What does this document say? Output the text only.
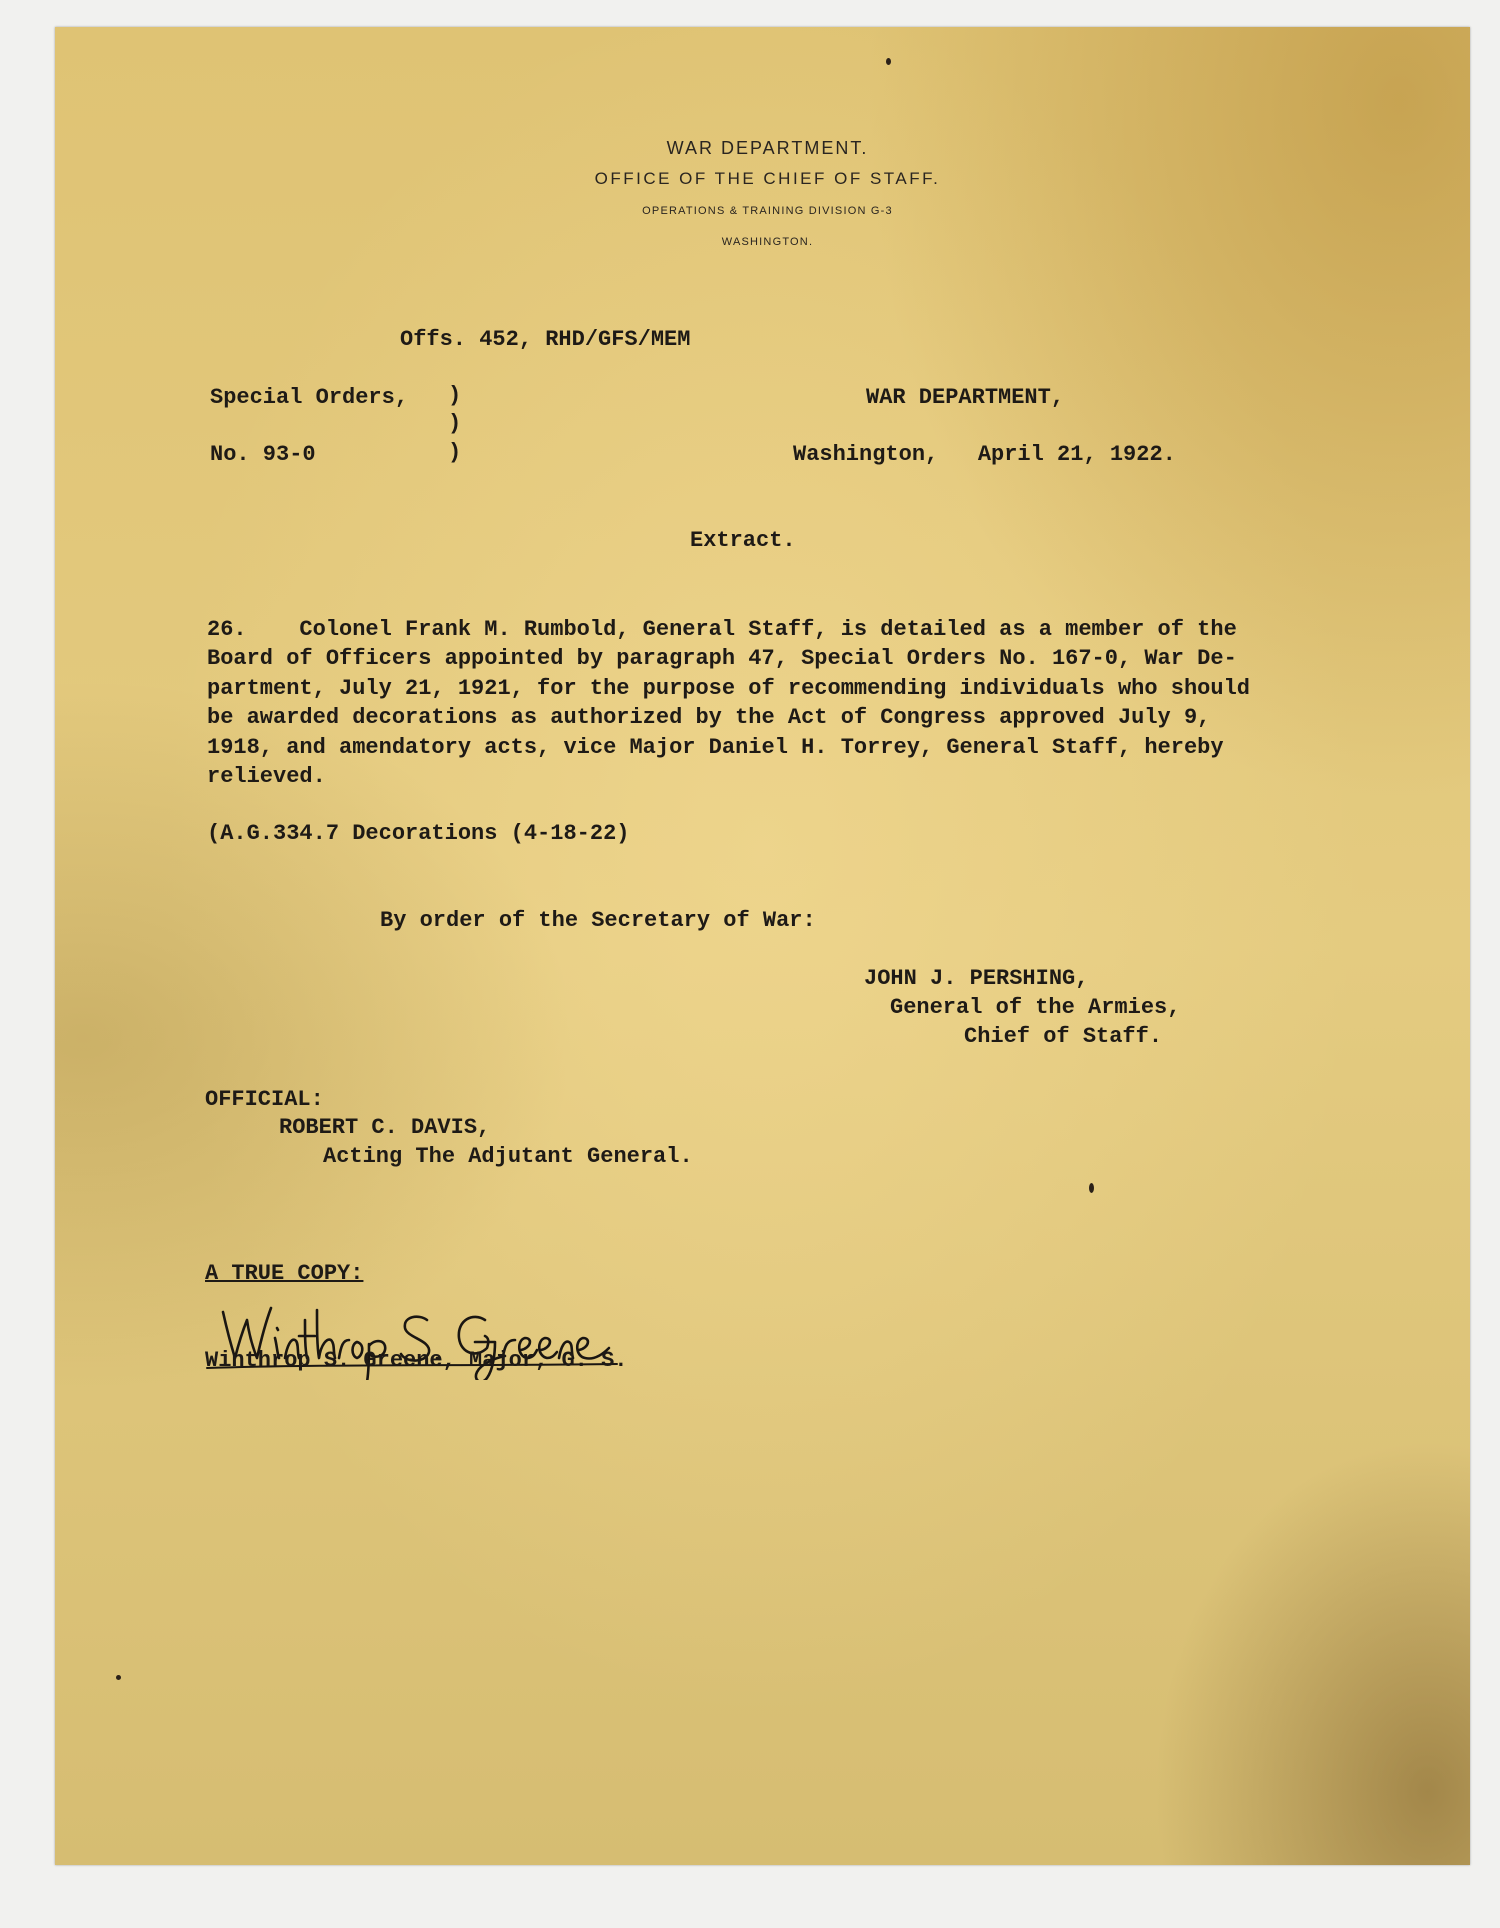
WAR DEPARTMENT.
OFFICE OF THE CHIEF OF STAFF.
OPERATIONS & TRAINING DIVISION G-3
WASHINGTON.
Offs. 452, RHD/GFS/MEM
Special Orders, )
)
)
No. 93-0
WAR DEPARTMENT,
Washington,   April 21, 1922.
Extract.
26.    Colonel Frank M. Rumbold, General Staff, is detailed as a member of the
Board of Officers appointed by paragraph 47, Special Orders No. 167-0, War De-
partment, July 21, 1921, for the purpose of recommending individuals who should
be awarded decorations as authorized by the Act of Congress approved July 9,
1918, and amendatory acts, vice Major Daniel H. Torrey, General Staff, hereby
relieved.
(A.G.334.7 Decorations (4-18-22)
By order of the Secretary of War:
JOHN J. PERSHING,
General of the Armies,
Chief of Staff.
OFFICIAL:
ROBERT C. DAVIS,
Acting The Adjutant General.
A TRUE COPY:
Winthrop S. Greene, Major, G. S.
